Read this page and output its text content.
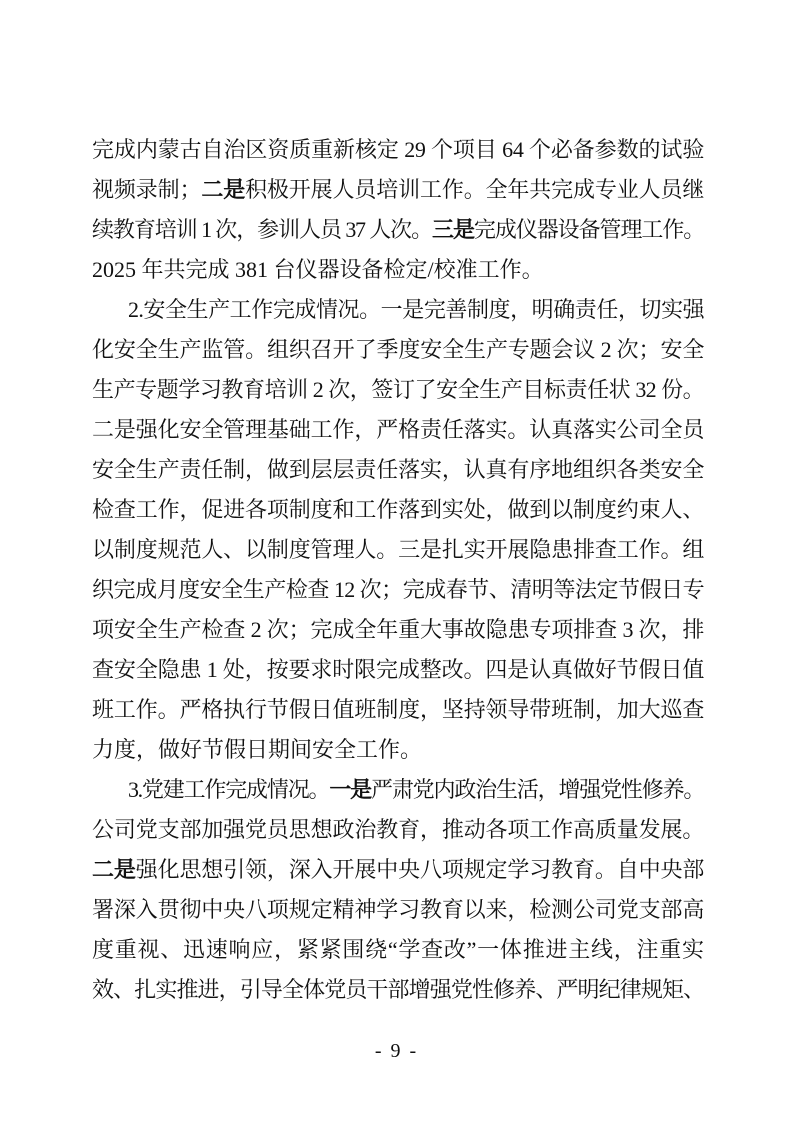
完成内蒙古自治区资质重新核定 29 个项目 64 个必备参数的试验
视频录制；二是积极开展人员培训工作。全年共完成专业人员继
续教育培训 1 次，参训人员 37 人次。三是完成仪器设备管理工作。
2025 年共完成 381 台仪器设备检定/校准工作。
2.安全生产工作完成情况。一是完善制度，明确责任，切实强
化安全生产监管。组织召开了季度安全生产专题会议 2 次；安全
生产专题学习教育培训 2 次，签订了安全生产目标责任状 32 份。
二是强化安全管理基础工作，严格责任落实。认真落实公司全员
安全生产责任制，做到层层责任落实，认真有序地组织各类安全
检查工作，促进各项制度和工作落到实处，做到以制度约束人、
以制度规范人、以制度管理人。三是扎实开展隐患排查工作。组
织完成月度安全生产检查 12 次；完成春节、清明等法定节假日专
项安全生产检查 2 次；完成全年重大事故隐患专项排查 3 次，排
查安全隐患 1 处，按要求时限完成整改。四是认真做好节假日值
班工作。严格执行节假日值班制度，坚持领导带班制，加大巡查
力度，做好节假日期间安全工作。
3.党建工作完成情况。一是严肃党内政治生活，增强党性修养。
公司党支部加强党员思想政治教育，推动各项工作高质量发展。
二是强化思想引领，深入开展中央八项规定学习教育。自中央部
署深入贯彻中央八项规定精神学习教育以来，检测公司党支部高
度重视、迅速响应，紧紧围绕“学查改”一体推进主线，注重实
效、扎实推进，引导全体党员干部增强党性修养、严明纪律规矩、
- 9 -
